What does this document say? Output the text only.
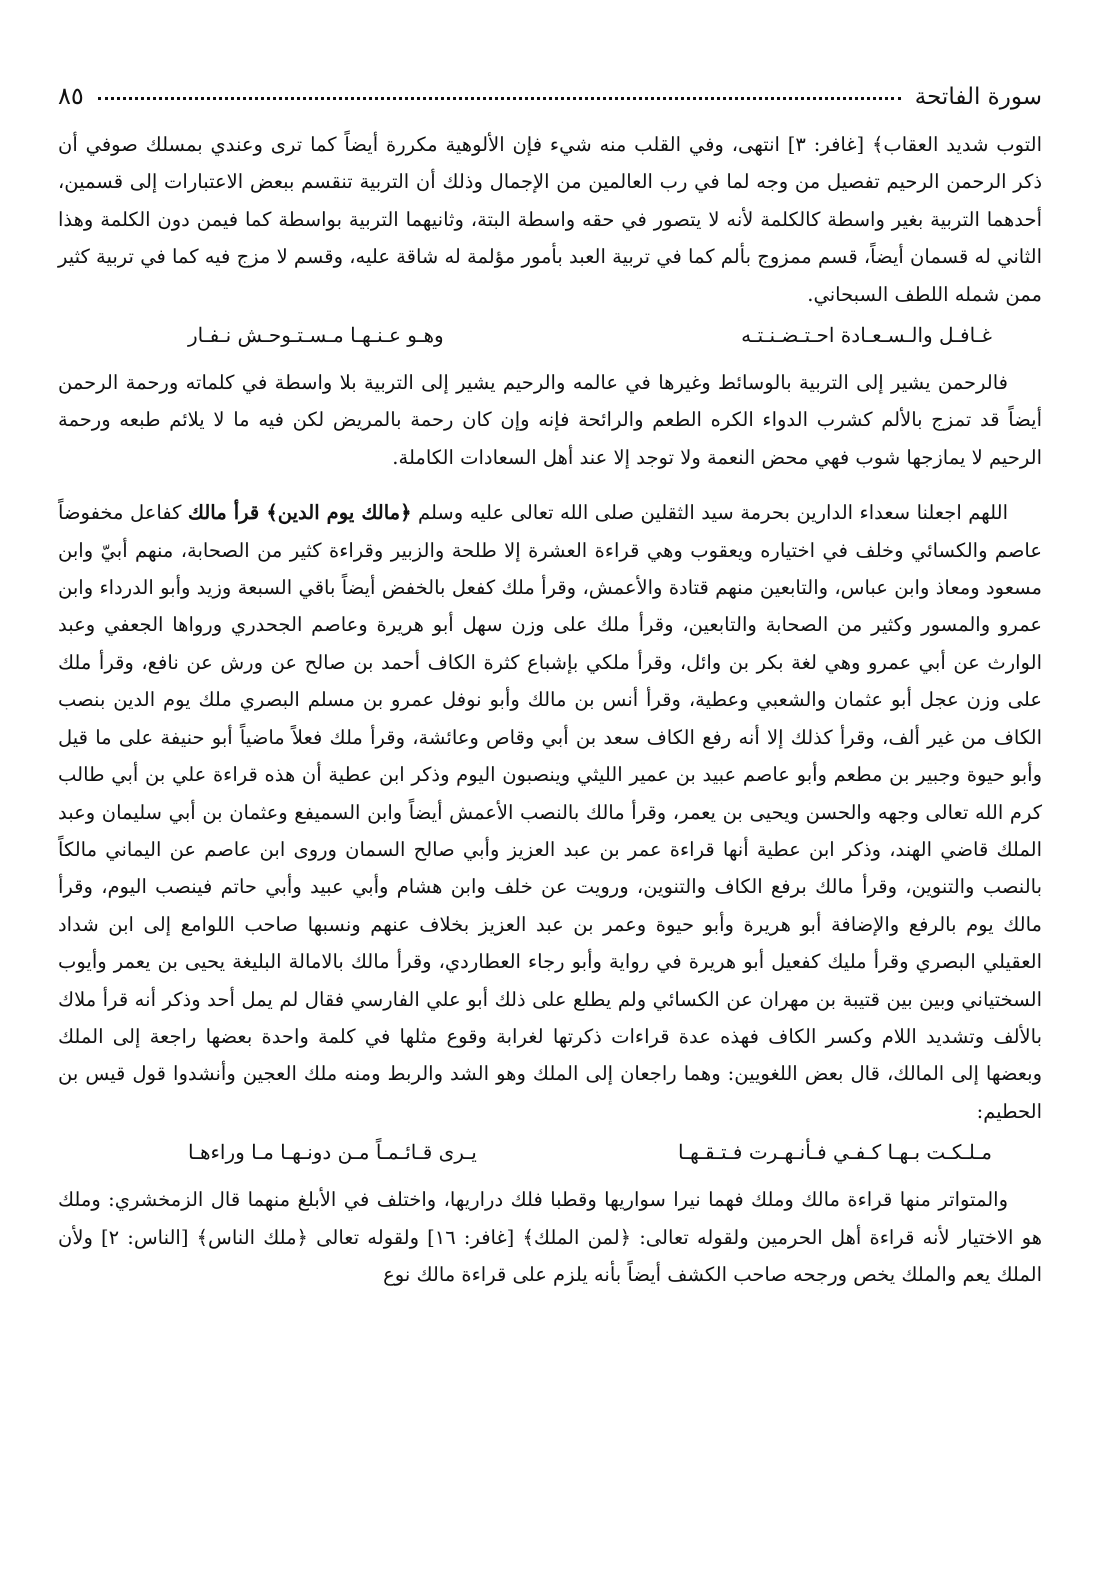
سورة الفاتحة
٨٥

التوب شديد العقاب﴾ [غافر: ٣] انتهى، وفي القلب منه شيء فإن الألوهية مكررة أيضاً كما ترى وعندي بمسلك صوفي أن ذكر الرحمن الرحيم تفصيل من وجه لما في رب العالمين من الإجمال وذلك أن التربية تنقسم ببعض الاعتبارات إلى قسمين، أحدهما التربية بغير واسطة كالكلمة لأنه لا يتصور في حقه واسطة البتة، وثانيهما التربية بواسطة كما فيمن دون الكلمة وهذا الثاني له قسمان أيضاً، قسم ممزوج بألم كما في تربية العبد بأمور مؤلمة له شاقة عليه، وقسم لا مزج فيه كما في تربية كثير ممن شمله اللطف السبحاني.

غـافـل والـسـعـادة احـتـضـنـتـه
وهـو عـنـهـا مـسـتـوحـش نـفـار

فالرحمن يشير إلى التربية بالوسائط وغيرها في عالمه والرحيم يشير إلى التربية بلا واسطة في كلماته ورحمة الرحمن أيضاً قد تمزج بالألم كشرب الدواء الكره الطعم والرائحة فإنه وإن كان رحمة بالمريض لكن فيه ما لا يلائم طبعه ورحمة الرحيم لا يمازجها شوب فهي محض النعمة ولا توجد إلا عند أهل السعادات الكاملة.

اللهم اجعلنا سعداء الدارين بحرمة سيد الثقلين صلى الله تعالى عليه وسلم ﴿مالك يوم الدين﴾ قرأ مالك كفاعل مخفوضاً عاصم والكسائي وخلف في اختياره ويعقوب وهي قراءة العشرة إلا طلحة والزبير وقراءة كثير من الصحابة، منهم أبيّ وابن مسعود ومعاذ وابن عباس، والتابعين منهم قتادة والأعمش، وقرأ ملك كفعل بالخفض أيضاً باقي السبعة وزيد وأبو الدرداء وابن عمرو والمسور وكثير من الصحابة والتابعين، وقرأ ملك على وزن سهل أبو هريرة وعاصم الجحدري ورواها الجعفي وعبد الوارث عن أبي عمرو وهي لغة بكر بن وائل، وقرأ ملكي بإشباع كثرة الكاف أحمد بن صالح عن ورش عن نافع، وقرأ ملك على وزن عجل أبو عثمان والشعبي وعطية، وقرأ أنس بن مالك وأبو نوفل عمرو بن مسلم البصري ملك يوم الدين بنصب الكاف من غير ألف، وقرأ كذلك إلا أنه رفع الكاف سعد بن أبي وقاص وعائشة، وقرأ ملك فعلاً ماضياً أبو حنيفة على ما قيل وأبو حيوة وجبير بن مطعم وأبو عاصم عبيد بن عمير الليثي وينصبون اليوم وذكر ابن عطية أن هذه قراءة علي بن أبي طالب كرم الله تعالى وجهه والحسن ويحيى بن يعمر، وقرأ مالك بالنصب الأعمش أيضاً وابن السميفع وعثمان بن أبي سليمان وعبد الملك قاضي الهند، وذكر ابن عطية أنها قراءة عمر بن عبد العزيز وأبي صالح السمان وروى ابن عاصم عن اليماني مالكاً بالنصب والتنوين، وقرأ مالك برفع الكاف والتنوين، ورويت عن خلف وابن هشام وأبي عبيد وأبي حاتم فينصب اليوم، وقرأ مالك يوم بالرفع والإضافة أبو هريرة وأبو حيوة وعمر بن عبد العزيز بخلاف عنهم ونسبها صاحب اللوامع إلى ابن شداد العقيلي البصري وقرأ مليك كفعيل أبو هريرة في رواية وأبو رجاء العطاردي، وقرأ مالك بالامالة البليغة يحيى بن يعمر وأيوب السختياني وبين بين قتيبة بن مهران عن الكسائي ولم يطلع على ذلك أبو علي الفارسي فقال لم يمل أحد وذكر أنه قرأ ملاك بالألف وتشديد اللام وكسر الكاف فهذه عدة قراءات ذكرتها لغرابة وقوع مثلها في كلمة واحدة بعضها راجعة إلى الملك وبعضها إلى المالك، قال بعض اللغويين: وهما راجعان إلى الملك وهو الشد والربط ومنه ملك العجين وأنشدوا قول قيس بن الحطيم:

مـلـكـت بـهـا كـفـي فـأنـهـرت فـتـقـهـا
يـرى قـائـمـاً مـن دونـهـا مـا وراءهـا

والمتواتر منها قراءة مالك وملك فهما نيرا سواريها وقطبا فلك دراريها، واختلف في الأبلغ منهما قال الزمخشري: وملك هو الاختيار لأنه قراءة أهل الحرمين ولقوله تعالى: ﴿لمن الملك﴾ [غافر: ١٦] ولقوله تعالى ﴿ملك الناس﴾ [الناس: ٢] ولأن الملك يعم والملك يخص ورجحه صاحب الكشف أيضاً بأنه يلزم على قراءة مالك نوع
